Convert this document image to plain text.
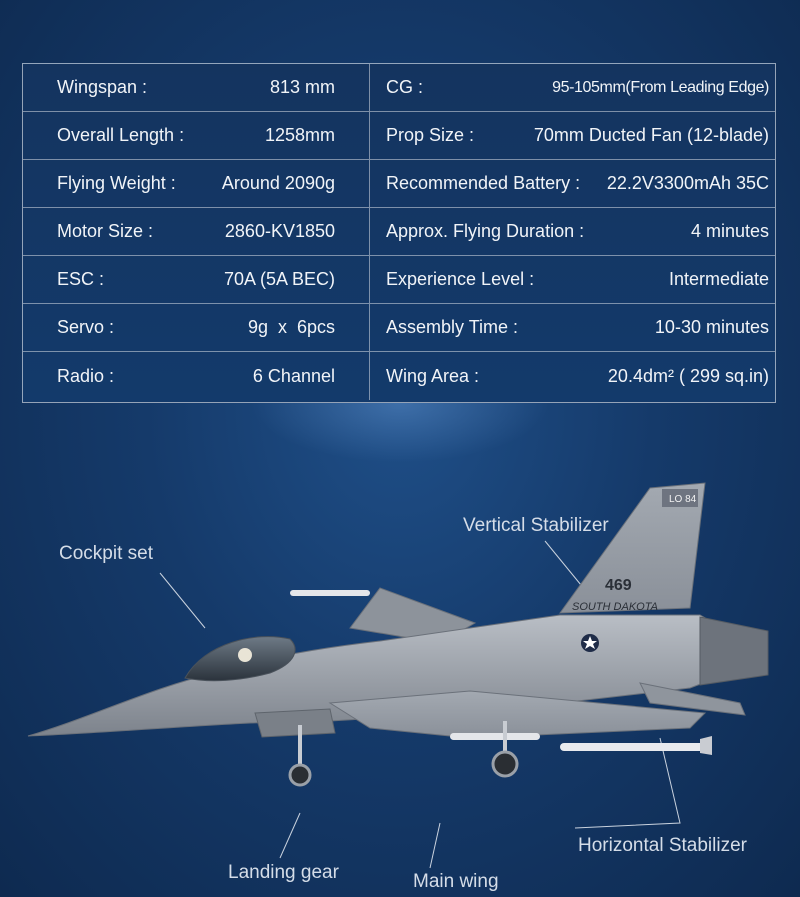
Wingspan :	813 mm	CG :	95-105mm(From Leading Edge)
Overall Length :	1258mm	Prop Size :	70mm Ducted Fan (12-blade)
Flying Weight :	Around 2090g	Recommended Battery : 22.2V3300mAh 35C
Motor Size :	2860-KV1850	Approx. Flying Duration :	4 minutes
ESC :	70A (5A BEC)	Experience Level :	Intermediate
Servo :	9g  x  6pcs	Assembly Time :	10-30 minutes
Radio :	6 Channel	Wing Area :	20.4dm² ( 299 sq.in)
LO 84
469
SOUTH DAKOTA
Cockpit set
Vertical Stabilizer
Horizontal Stabilizer
Landing gear	Main wing
